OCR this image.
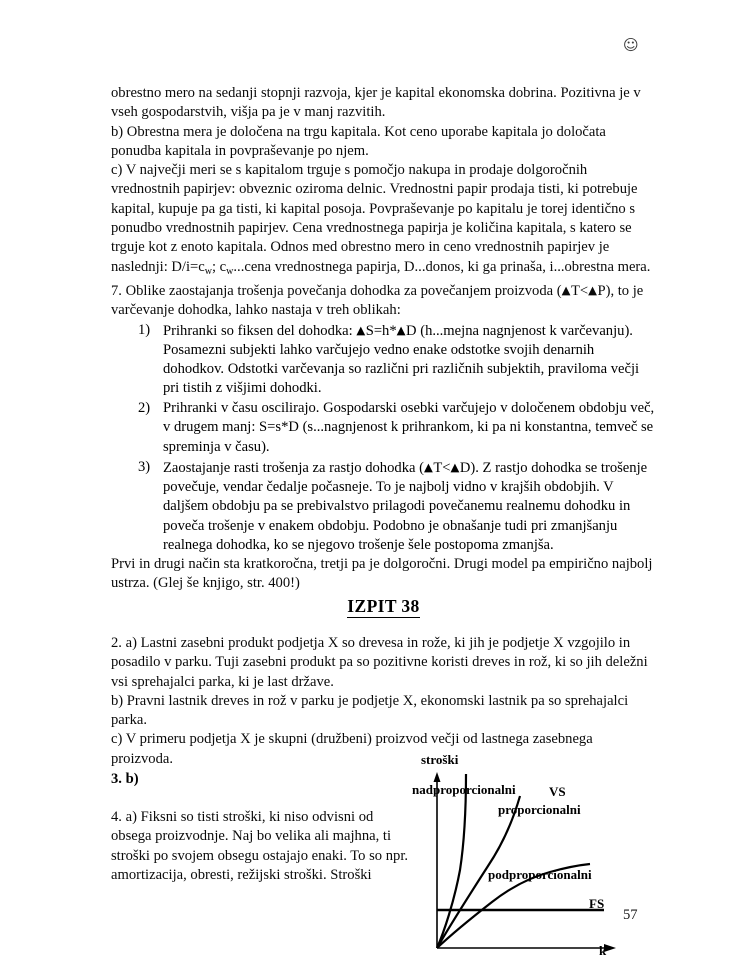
☺

obrestno mero na sedanji stopnji razvoja, kjer je kapital ekonomska dobrina. Pozitivna je v vseh gospodarstvih, višja pa je v manj razvitih.

b) Obrestna mera je določena na trgu kapitala. Kot ceno uporabe kapitala jo določata ponudba kapitala in povpraševanje po njem.

c) V največji meri se s kapitalom trguje s pomočjo nakupa in prodaje dolgoročnih vrednostnih papirjev: obveznic oziroma delnic. Vrednostni papir prodaja tisti, ki potrebuje kapital, kupuje pa ga tisti, ki kapital posoja. Povpraševanje po kapitalu je torej identično s ponudbo vrednostnih papirjev. Cena vrednostnega papirja je količina kapitala, s katero se trguje kot z enoto kapitala. Odnos med obrestno mero in ceno vrednostnih papirjev je naslednji: $D/i=c_w$; $c_w...cena$ vrednostnega papirja, D...donos, ki ga prinaša, i...obrestna mera.

7. Oblike zaostajanja trošenja povečanja dohodka za povečanjem proizvoda (▲T<▲P), to je varčevanje dohodka, lahko nastaja v treh oblikah:

1) Prihranki so fiksen del dohodka: ▲S=h*▲D (h...mejna nagnjenost k varčevanju). Posamezni subjekti lahko varčujejo vedno enake odstotke svojih denarnih dohodkov. Odstotki varčevanja so različni pri različnih subjektih, praviloma večji pri tistih z višjimi dohodki.
2) Prihranki v času oscilirajo. Gospodarski osebki varčujejo v določenem obdobju več, v drugem manj: S=s*D (s...nagnjenost k prihrankom, ki pa ni konstantna, temveč se spreminja v času).
3) Zaostajanje rasti trošenja za rastjo dohodka (▲T<▲D). Z rastjo dohodka se trošenje povečuje, vendar čedalje počasneje. To je najbolj vidno v krajših obdobjih. V daljšem obdobju pa se prebivalstvo prilagodi povečanemu realnemu dohodku in poveča trošenje v enakem obdobju. Podobno je obnašanje tudi pri zmanjšanju realnega dohodka, ko se njegovo trošenje šele postopoma zmanjša.

Prvi in drugi način sta kratkoročna, tretji pa je dolgoročni. Drugi model pa empirično najbolj ustrza. (Glej še knjigo, str. 400!)

IZPIT 38

2. a) Lastni zasebni produkt podjetja X so drevesa in rože, ki jih je podjetje X vzgojilo in posadilo v parku. Tuji zasebni produkt pa so pozitivne koristi dreves in rož, ki so jih deležni vsi sprehajalci parka, ki je last države.

b) Pravni lastnik dreves in rož v parku je podjetje X, ekonomski lastnik pa so sprehajalci parka.

c) V primeru podjetja X je skupni (družbeni) proizvod večji od lastnega zasebnega proizvoda.

3. b)

4. a) Fiksni so tisti stroški, ki niso odvisni od obsega proizvodnje. Naj bo velika ali majhna, ti stroški po svojem obsegu ostajajo enaki. To so npr. amortizacija, obresti, režijski stroški. Stroški

stroški
nadproporcionalni	VS
proporcionalni
podproporcionalni
FS
k
57
